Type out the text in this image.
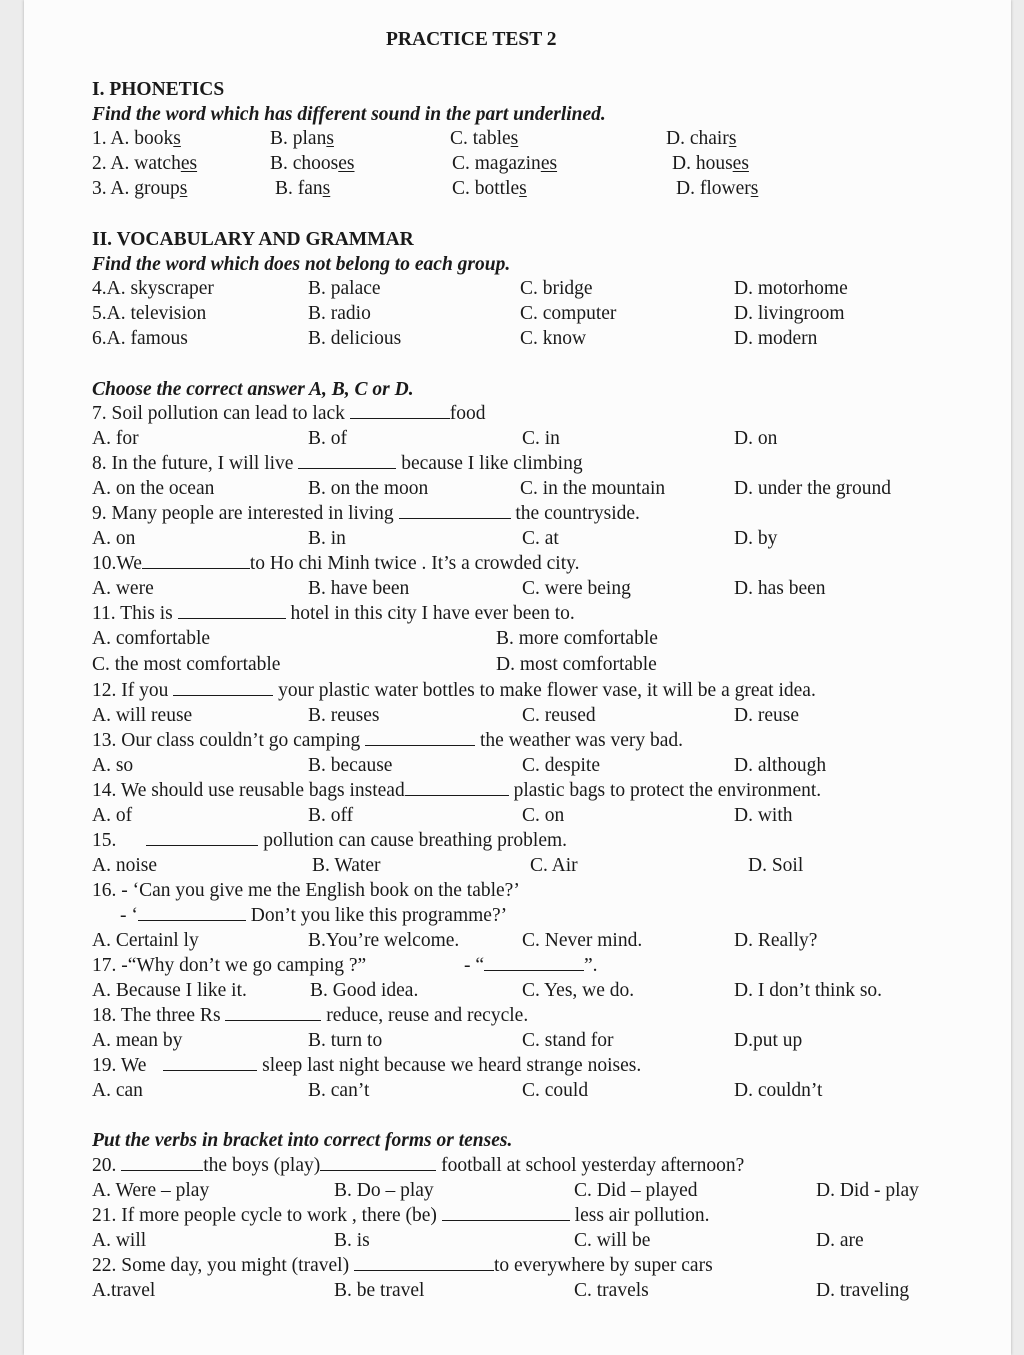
PRACTICE TEST 2
I. PHONETICS
Find the word which has different sound in the part underlined.
1. A. books	B. plans	C. tables	D. chairs
2. A. watches	B. chooses	C. magazines	D. houses
3. A. groups	B. fans	C. bottles	D. flowers
II. VOCABULARY AND GRAMMAR
Find the word which does not belong to each group.
4.A. skyscraper	B. palace	C. bridge	D. motorhome
5.A. television	B. radio	C. computer	D. livingroom
6.A. famous	B. delicious	C. know	D. modern
Choose the correct answer A, B, C or D.
7. Soil pollution can lead to lack	food
A. for	B. of	C. in	D. on
8. In the future, I will live	because I like climbing
A. on the ocean	B. on the moon	C. in the mountain	D. under the ground
9. Many people are interested in living	the countryside.
A. on	B. in	C. at	D. by
10.We	to Ho chi Minh twice . It’s a crowded city.
A. were	B. have been	C. were being	D. has been
11. This is	hotel in this city I have ever been to.
A. comfortable	B. more comfortable
C. the most comfortable	D. most comfortable
12. If you	your plastic water bottles to make flower vase, it will be a great idea.
A. will reuse	B. reuses	C. reused	D. reuse
13. Our class couldn’t go camping	the weather was very bad.
A. so	B. because	C. despite	D. although
14. We should use reusable bags instead	plastic bags to protect the environment.
A. of	B. off	C. on	D. with
15.	pollution can cause breathing problem.
A. noise	B. Water	C. Air	D. Soil
16. - ‘Can you give me the English book on the table?’
- ‘	Don’t you like this programme?’
A. Certainl ly	B.You’re welcome.	C. Never mind.	D. Really?
17. -“Why don’t we go camping ?”	- “	”.
A. Because I like it.	B. Good idea.	C. Yes, we do.	D. I don’t think so.
18. The three Rs	reduce, reuse and recycle.
A. mean by	B. turn to	C. stand for	D.put up
19. We	sleep last night because we heard strange noises.
A. can	B. can’t	C. could	D. couldn’t
Put the verbs in bracket into correct forms or tenses.
20.	the boys (play)	football at school yesterday afternoon?
A. Were – play	B. Do – play	C. Did – played	D. Did - play
21. If more people cycle to work , there (be)	less air pollution.
A. will	B. is	C. will be	D. are
22. Some day, you might (travel)	to everywhere by super cars
A.travel	B. be travel	C. travels	D. traveling
